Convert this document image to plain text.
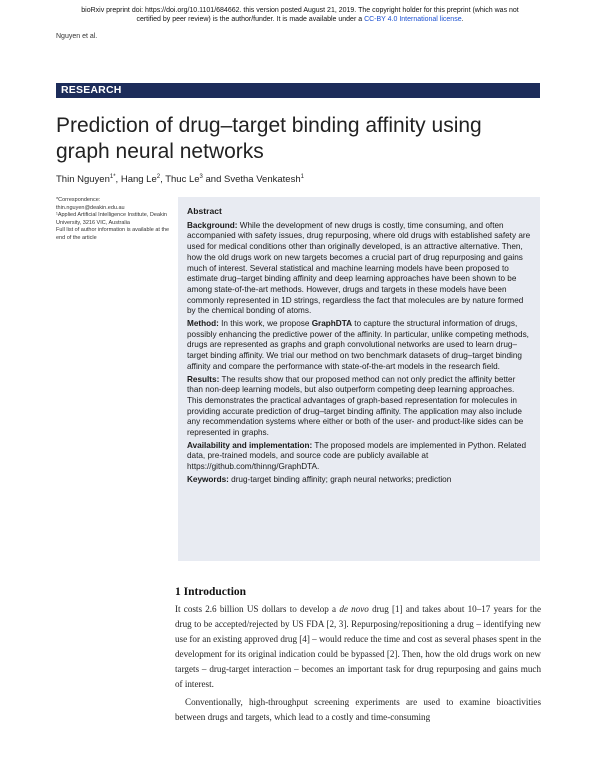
bioRxiv preprint doi: https://doi.org/10.1101/684662. this version posted August 21, 2019. The copyright holder for this preprint (which was not
certified by peer review) is the author/funder. It is made available under a CC-BY 4.0 International license.
Nguyen et al.
RESEARCH
Prediction of drug–target binding affinity using graph neural networks
Thin Nguyen$^{1*}$, Hang Le$^2$, Thuc Le$^3$ and Svetha Venkatesh$^1$
*Correspondence:
thin.nguyen@deakin.edu.au
¹Applied Artificial Intelligence Institute, Deakin University, 3216 VIC, Australia
Full list of author information is available at the end of the article
Abstract

Background: While the development of new drugs is costly, time consuming, and often accompanied with safety issues, drug repurposing, where old drugs with established safety are used for medical conditions other than originally developed, is an attractive alternative. Then, how the old drugs work on new targets becomes a crucial part of drug repurposing and gains much of interest. Several statistical and machine learning models have been proposed to estimate drug–target binding affinity and deep learning approaches have been shown to be among state-of-the-art methods. However, drugs and targets in these models have been commonly represented in 1D strings, regardless the fact that molecules are by nature formed by the chemical bonding of atoms.

Method: In this work, we propose GraphDTA to capture the structural information of drugs, possibly enhancing the predictive power of the affinity. In particular, unlike competing methods, drugs are represented as graphs and graph convolutional networks are used to learn drug–target binding affinity. We trial our method on two benchmark datasets of drug–target binding affinity and compare the performance with state-of-the-art models in the research field.

Results: The results show that our proposed method can not only predict the affinity better than non-deep learning models, but also outperform competing deep learning approaches. This demonstrates the practical advantages of graph-based representation for molecules in providing accurate prediction of drug–target binding affinity. The application may also include any recommendation systems where either or both of the user- and product-like sides can be represented in graphs.

Availability and implementation: The proposed models are implemented in Python. Related data, pre-trained models, and source code are publicly available at https://github.com/thinng/GraphDTA.

Keywords: drug-target binding affinity; graph neural networks; prediction

1 Introduction

It costs 2.6 billion US dollars to develop a de novo drug [1] and takes about 10–17 years for the drug to be accepted/rejected by US FDA [2, 3]. Repurposing/repositioning a drug – identifying new use for an existing approved drug [4] – would reduce the time and cost as several phases spent in the development for its original indication could be bypassed [2]. Then, how the old drugs work on new targets – drug-target interaction – becomes an important task for drug repurposing and gains much of interest.

Conventionally, high-throughput screening experiments are used to examine bioactivities between drugs and targets, which lead to a costly and time-consuming
